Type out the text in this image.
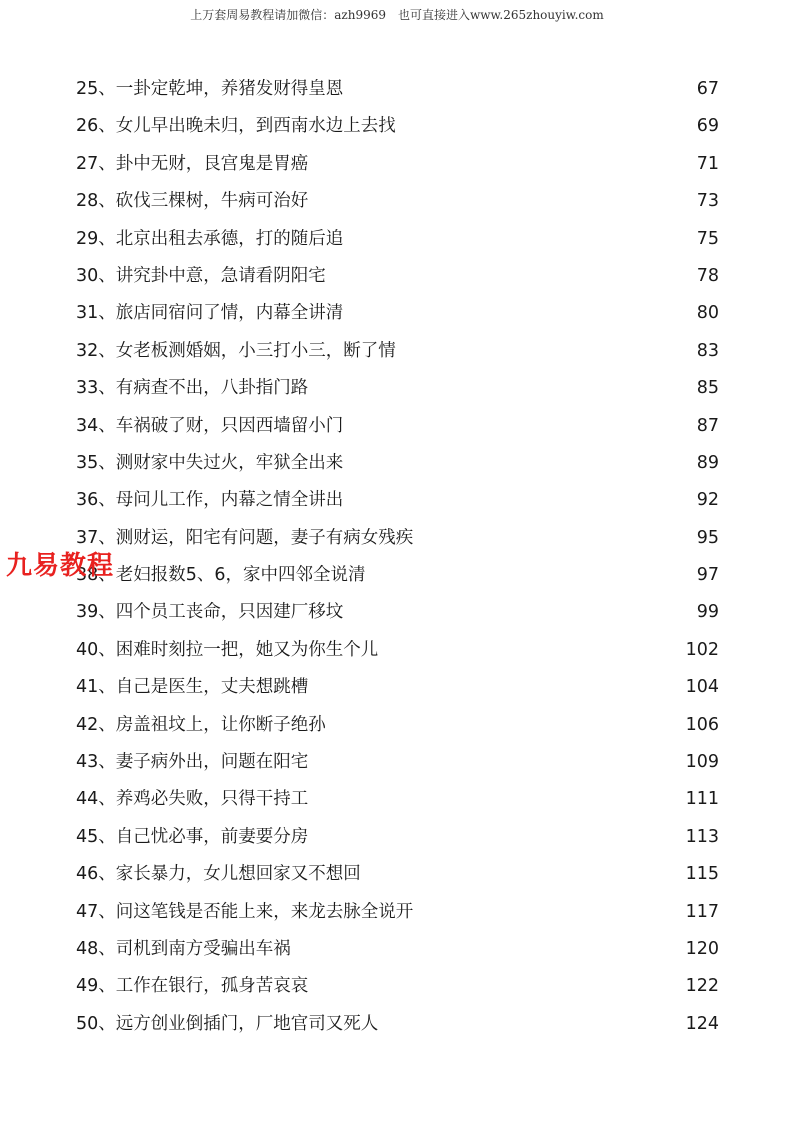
上万套周易教程请加微信：azh9969　也可直接进入www.265zhouyiw.com
25、一卦定乾坤，养猪发财得皇恩	67
26、女儿早出晚未归，到西南水边上去找	69
27、卦中无财，艮宫鬼是胃癌	71
28、砍伐三棵树，牛病可治好	73
29、北京出租去承德，打的随后追	75
30、讲究卦中意，急请看阴阳宅	78
31、旅店同宿问了情，内幕全讲清	80
32、女老板测婚姻，小三打小三，断了情	83
33、有病查不出，八卦指门路	85
34、车祸破了财，只因西墙留小门	87
35、测财家中失过火，牢狱全出来	89
36、母问儿工作，内幕之情全讲出	92
37、测财运，阳宅有问题，妻子有病女残疾	95
38、老妇报数5、6，家中四邻全说清	97
39、四个员工丧命，只因建厂移坟	99
40、困难时刻拉一把，她又为你生个儿	102
41、自己是医生，丈夫想跳槽	104
42、房盖祖坟上，让你断子绝孙	106
43、妻子病外出，问题在阳宅	109
44、养鸡必失败，只得干持工	111
45、自己忧必事，前妻要分房	113
46、家长暴力，女儿想回家又不想回	115
47、问这笔钱是否能上来，来龙去脉全说开	117
48、司机到南方受骗出车祸	120
49、工作在银行，孤身苦哀哀	122
50、远方创业倒插门，厂地官司又死人	124
九易教程
